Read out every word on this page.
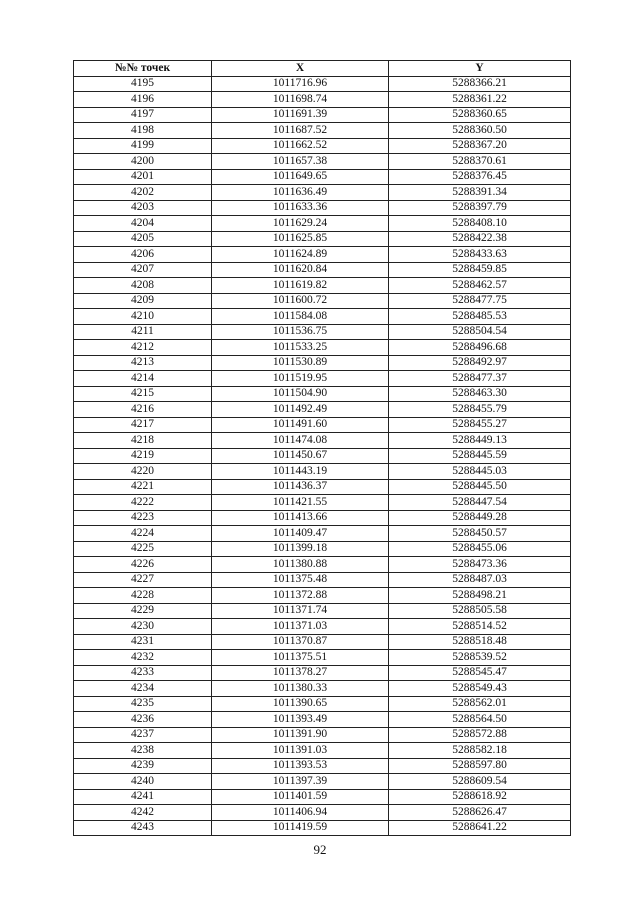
№№ точек	X	Y
4195	1011716.96	5288366.21
4196	1011698.74	5288361.22
4197	1011691.39	5288360.65
4198	1011687.52	5288360.50
4199	1011662.52	5288367.20
4200	1011657.38	5288370.61
4201	1011649.65	5288376.45
4202	1011636.49	5288391.34
4203	1011633.36	5288397.79
4204	1011629.24	5288408.10
4205	1011625.85	5288422.38
4206	1011624.89	5288433.63
4207	1011620.84	5288459.85
4208	1011619.82	5288462.57
4209	1011600.72	5288477.75
4210	1011584.08	5288485.53
4211	1011536.75	5288504.54
4212	1011533.25	5288496.68
4213	1011530.89	5288492.97
4214	1011519.95	5288477.37
4215	1011504.90	5288463.30
4216	1011492.49	5288455.79
4217	1011491.60	5288455.27
4218	1011474.08	5288449.13
4219	1011450.67	5288445.59
4220	1011443.19	5288445.03
4221	1011436.37	5288445.50
4222	1011421.55	5288447.54
4223	1011413.66	5288449.28
4224	1011409.47	5288450.57
4225	1011399.18	5288455.06
4226	1011380.88	5288473.36
4227	1011375.48	5288487.03
4228	1011372.88	5288498.21
4229	1011371.74	5288505.58
4230	1011371.03	5288514.52
4231	1011370.87	5288518.48
4232	1011375.51	5288539.52
4233	1011378.27	5288545.47
4234	1011380.33	5288549.43
4235	1011390.65	5288562.01
4236	1011393.49	5288564.50
4237	1011391.90	5288572.88
4238	1011391.03	5288582.18
4239	1011393.53	5288597.80
4240	1011397.39	5288609.54
4241	1011401.59	5288618.92
4242	1011406.94	5288626.47
4243	1011419.59	5288641.22
92
